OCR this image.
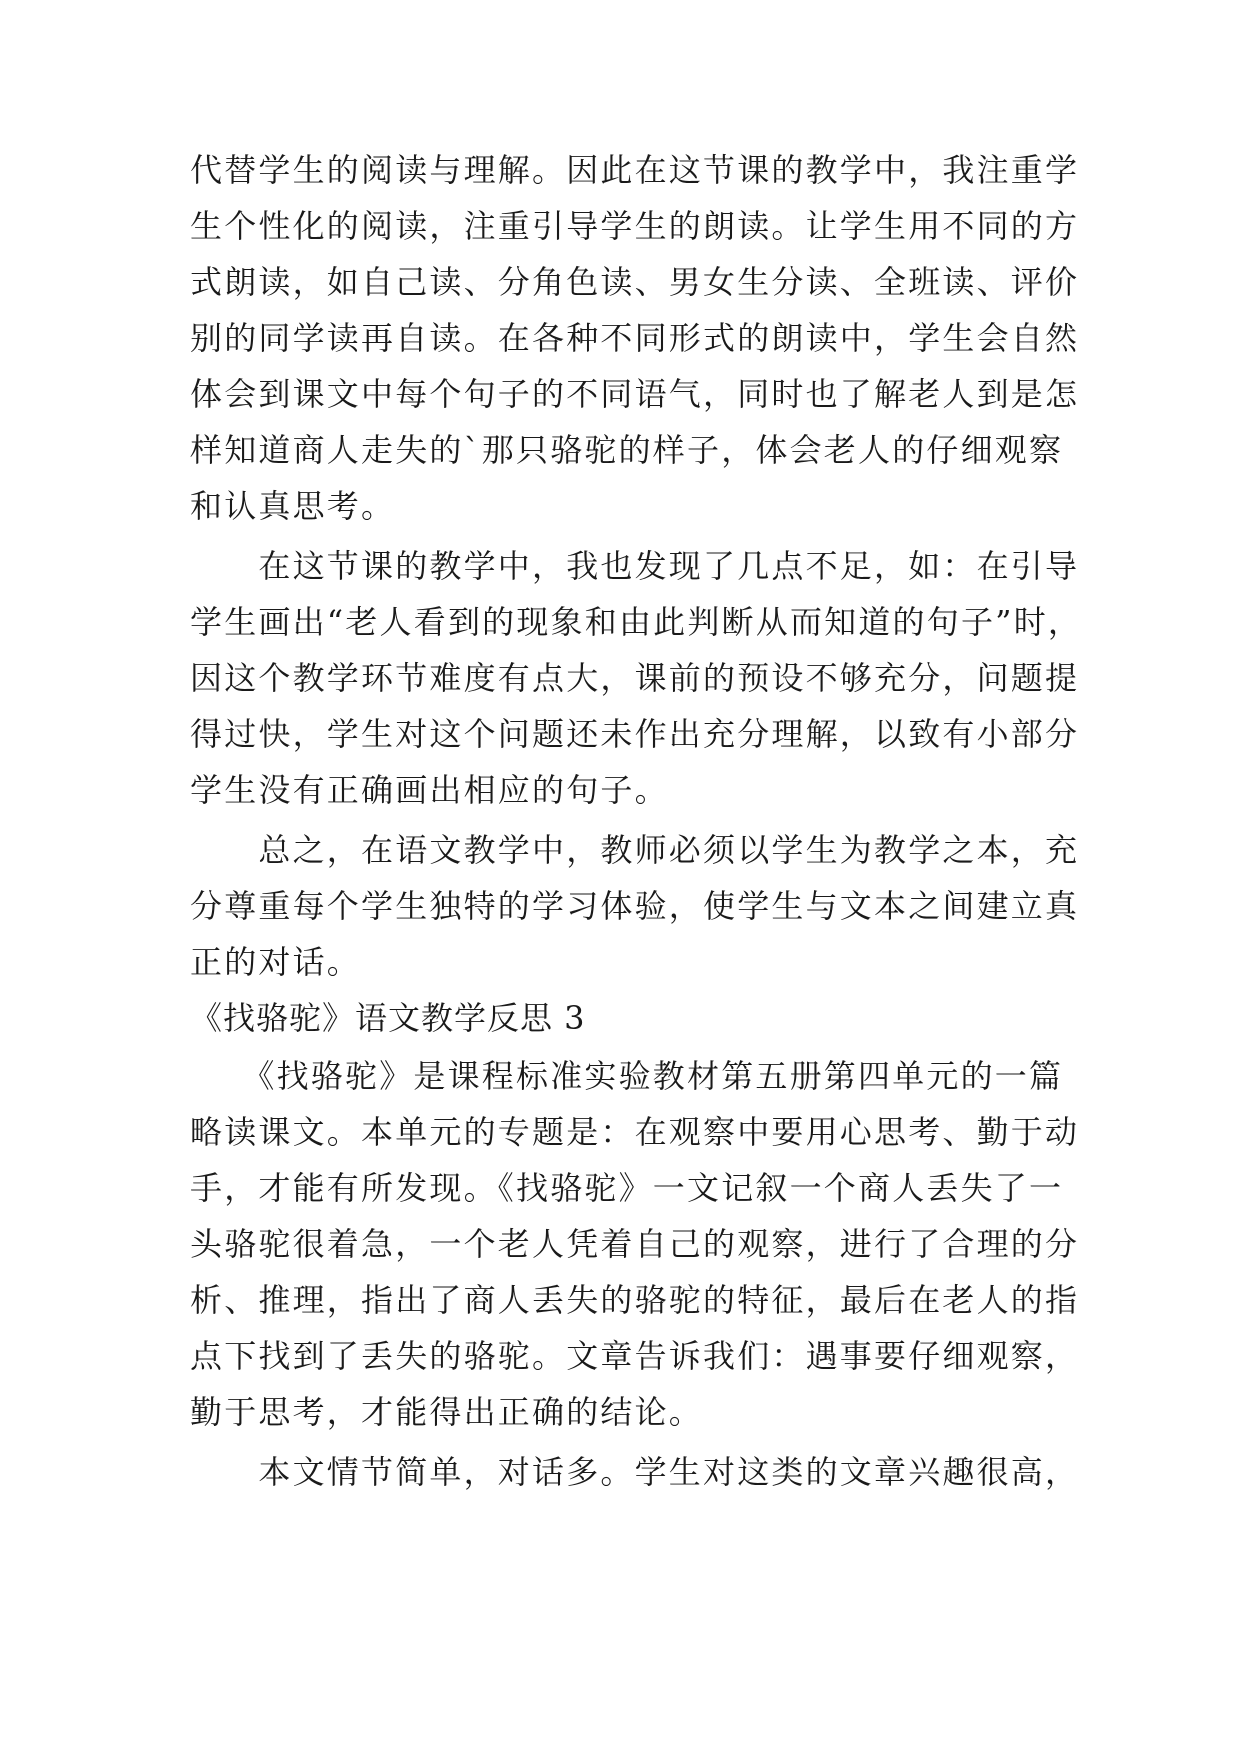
代替学生的阅读与理解。因此在这节课的教学中，我注重学
生个性化的阅读，注重引导学生的朗读。让学生用不同的方
式朗读，如自己读、分角色读、男女生分读、全班读、评价
别的同学读再自读。在各种不同形式的朗读中，学生会自然
体会到课文中每个句子的不同语气，同时也了解老人到是怎
样知道商人走失的`那只骆驼的样子，体会老人的仔细观察
和认真思考。
　　在这节课的教学中，我也发现了几点不足，如：在引导
学生画出“老人看到的现象和由此判断从而知道的句子”时，
因这个教学环节难度有点大，课前的预设不够充分，问题提
得过快，学生对这个问题还未作出充分理解，以致有小部分
学生没有正确画出相应的句子。
　　总之，在语文教学中，教师必须以学生为教学之本，充
分尊重每个学生独特的学习体验，使学生与文本之间建立真
正的对话。
《找骆驼》语文教学反思 3
　　《找骆驼》是课程标准实验教材第五册第四单元的一篇
略读课文。本单元的专题是：在观察中要用心思考、勤于动
手，才能有所发现。《找骆驼》一文记叙一个商人丢失了一
头骆驼很着急，一个老人凭着自己的观察，进行了合理的分
析、推理，指出了商人丢失的骆驼的特征，最后在老人的指
点下找到了丢失的骆驼。文章告诉我们：遇事要仔细观察，
勤于思考，才能得出正确的结论。
　　本文情节简单，对话多。学生对这类的文章兴趣很高，
